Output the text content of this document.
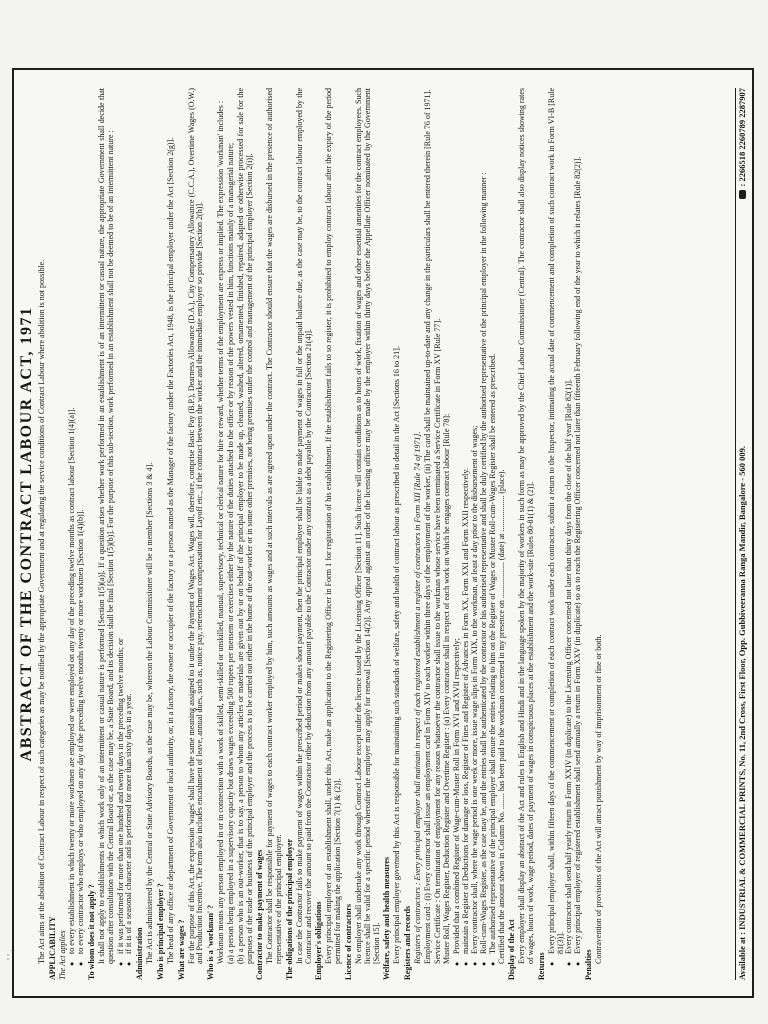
ABSTRACT OF THE CONTRACT LABOUR ACT, 1971 The Act aims at the abolition of Contract Labour in respect of such categories as may be notified by the appropriate Government and at regulating the service conditions of Contract Labour where abolition is not possible. APPLICABILITY The Act applies
● to every establishment in which twenty or more workmen are employed or were employed on any day of the preceding twelve months as contract labour [Section 1(4)(a)]. ● to every contractor who employs or who employed on any day of the preceding twelve months twenty or more workmen [Section 1(4)(b)]. To whom does it not apply ? It shall not apply to establishments in which work only of an intermittent or casual nature is performed [Section 1(5)(a)]. If a question arises whether work performed in an establishment is of an intermittent or casual nature, the appropriate Government shall decide that question after consultation with the Central Board or, as the case may be, a State Board, and its decision shall be final [Section 1(5)(b)]. For the purpose of this sub-section, work performed in an establishment shall not be deemed to be of an intermittent nature : ● if it was performed for more than one hundred and twenty days in the preceding twelve months; or ● if it is of a seasonal character and is performed for more than sixty days in a year. Administration The Act is administered by the Central or State Advisory Boards, as the case may be, whereon the Labour Commissioner will be a member [Sections 3 & 4]. Who is principal employer ? The head of any office or department of Government or local authority, or, in a factory, the owner or occupier of the factory or a person named as the Manager of the factory under the Factories Act, 1948, is the principal employer under the Act [Section 2(g)]. What are wages ? For the purpose of this Act, the expression 'wages' shall have the same meaning assigned to it under the Payment of Wages Act. Wages will, therefore, comprise Basic Pay (B.P.), Dearness Allowance (D.A.), City Compensatory Allowance (C.C.A.), Overtime Wages (O.W.) and Production Incentive. The term also includes encashment of leave, annual dues, such as, notice pay, retrenchment compensation for Layoff etc., if the contract between the worker and the immediate employer so provide [Section 2(h)]. Who is a 'workman' ? Workman means any person employed in or in connection with a work of skilled, semi-skilled or unskilled, manual, supervisory, technical or clerical nature for hire or reward, whether terms of the employment are express or implied. The expression 'workman' includes : (a) a person being employed in a supervisory capacity but draws wages exceeding 500 rupees per mensem or exercises either by the nature of the duties attached to the office or by reason of the powers vested in him, functions mainly of a managerial nature; (b) a person who is an out-worker, that is to say, a person to whom any articles or materials are given out by or on behalf of the principal employer to be made up, cleaned, washed, altered, ornamented, finished, repaired, adapted or otherwise processed for sale for the purposes of the trade or business of the principal employer and the process is to be carried out either in the home of the out-worker or in some other premises, not being premises under the control and management of the principal employer [Section 2(i)]. Contractor to make payment of wages The Contractor shall be responsible for payment of wages to each contract worker employed by him, such amounts as wages and at such intervals as are agreed upon under the contract. The Contractor should ensure that the wages are disbursed in the presence of authorised representative of the principal employer. The obligations of the principal employer In case the Contractor fails to make payment of wages within the prescribed period or makes short payment, then the principal employer shall be liable to make payment of wages in full or the unpaid balance due, as the case may be, to the contract labour employed by the Contractor and recover the amount so paid from the Contractor either by deduction from any amount payable to the Contractor under any contract as a debt payable by the Contractor [Section 21(4)]. Employer's obligations Every principal employer of an establishment shall, under this Act, make an application to the Registering Officer in Form 1 for registration of his establishment. If the establishment fails to so register, it is prohibited to employ contract labour after the expiry of the period permitted for making the application [Section 7(1) & (2)]. Licence of contractors No employer shall undertake any work through Contract Labour except under the licence issued by the Licensing Officer [Section 11]. Such licence will contain conditions as to hours of work, fixation of wages and other essential amenities for the contract employees. Such licence shall be valid for a specific period whereafter the employer may apply for renewal [Section 14(2)]. Any appeal against an order of the licensing officer may be made by the employer within thirty days before the Appellate Officer nominated by the Government [Section 15]. Welfare, safety and health measures Every principal employer governed by this Act is responsible for maintaining such standards of welfare, safety and health of contract labour as prescribed in detail in the Act [Sections 16 to 21]. Registers and records Registers of contractors : Every principal employer shall maintain in respect of each registered establishment a register of contractors in Form XII [Rule 74 of 1971]. Employment card : (i) Every contractor shall issue an employment card in Form XIV to each worker within three days of the employment of the worker, (ii) The card shall be maintained up-to-date and any change in the particulars shall be entered therein [Rule 76 of 1971]. Service Certificate : On termination of employment for any reason whatsoever the contractor shall issue to the workman whose service have been terminated a Service Certificate in Form XV [Rule 77]. Muster Roll, Wages Register, Deduction Register and Overtime Register : (a) Every contractor shall in respect of each work on which he engages contract labour [Rule 78]: ● Provided that a combined Register of Wage-cum-Muster Roll in Form XVI and XVII respectively; ● maintain a Register of Deductions for damage or loss, Register of Fines and Register of Advances in Form XX, Form XXI and Form XXII respectively. ● Every contractor shall, where the wage period is one week or more, issue wage slips in Form XIX, to the workman, at least a day prior to the disbursement of wages; ● Roll-cum-Wages Register, as the case may be, and the entries shall be authenticated by the contractor or his authorised representative and shall be duly certified by the authorised representative of the principal employer in the following manner : ● The authorised representative of the principal employer shall ensure the entries relating to him on the Register of Wages or Muster Roll-cum-Wages Register shall be entered as prescribed. Certified that the amount shown in Column No. ........ has been paid to the workman concerned in my presence on .................. (date) at .................. (place). Display of the Act Every employer shall display an abstract of the Act and rules in English and Hindi and in the language spoken by the majority of workers in such form as may be approved by the Chief Labour Commissioner (Central). The contractor shall also display notices showing rates of wages, hours of work, wage period, dates of payment of wages in conspicuous places at the establishment and the work-site [Rules 80-81(1) & (2)].
Returns
● Every principal employer shall, within fifteen days of the commencement or completion of each contract work under each contractor, submit a return to the Inspector, intimating the actual date of commencement and completion of such contract work in Form VI-B [Rule 81(3)]. ● Every contractor shall send half yearly return in Form XXIV (in duplicate) to the Licensing Officer concerned not later than thirty days from the close of the half year [Rule 82(1)]. ● Every principal employer of registered establishment shall send annually a return in Form XXV (in duplicate) so as to reach the Registering Officer concerned not later than fifteenth February following end of the year to which it relates [Rule 82(2)].
Penalties
Contravention of provisions of the Act will attract punishment by way of imprisonment or fine or both.	Available at : INDUSTRIAL & COMMERCIAL PRINTS, No. 11, 2nd Cross, First Floor, Opp. Gubbiveeranna Ranga Mandir, Bangalore - 560 009.
: 2266518 2260789 2287907
' ' ,
